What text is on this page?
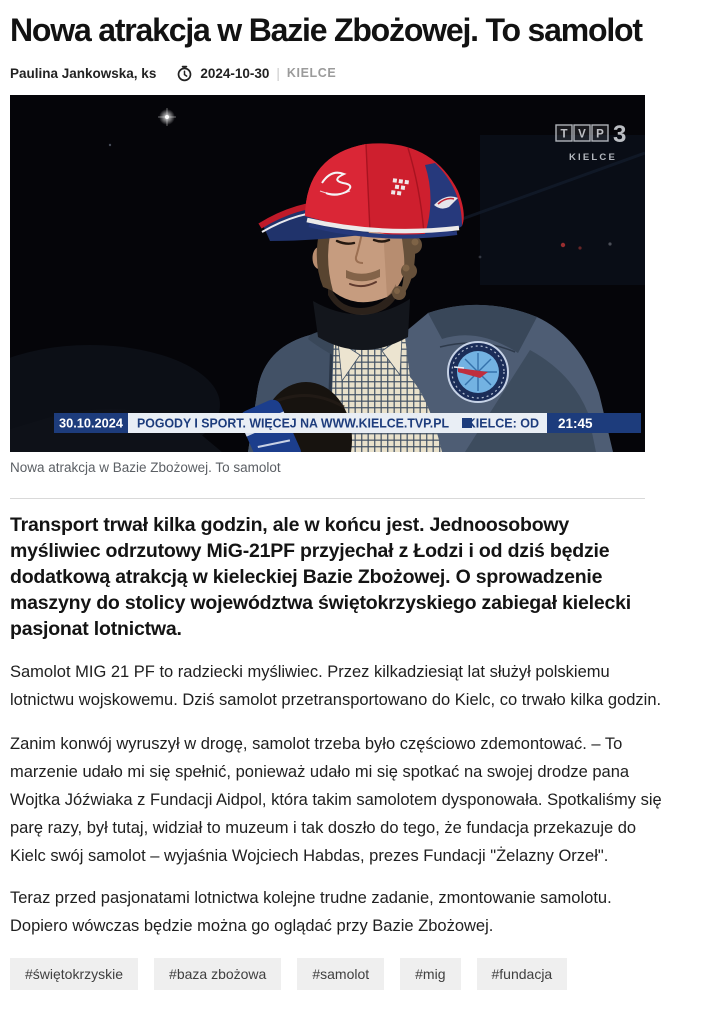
Nowa atrakcja w Bazie Zbożowej. To samolot
Paulina Jankowska, ks	2024-10-30 | KIELCE
T V P 3
KIELCE
30.10.2024 POGODY I SPORT. WIĘCEJ NA WWW.KIELCE.TVP.PL KIELCE: OD 21:45
Nowa atrakcja w Bazie Zbożowej. To samolot

Transport trwał kilka godzin, ale w końcu jest. Jednoosobowy myśliwiec odrzutowy MiG-21PF przyjechał z Łodzi i od dziś będzie dodatkową atrakcją w kieleckiej Bazie Zbożowej. O sprowadzenie maszyny do stolicy województwa świętokrzyskiego zabiegał kielecki pasjonat lotnictwa.

Samolot MIG 21 PF to radziecki myśliwiec. Przez kilkadziesiąt lat służył polskiemu lotnictwu wojskowemu. Dziś samolot przetransportowano do Kielc, co trwało kilka godzin.

Zanim konwój wyruszył w drogę, samolot trzeba było częściowo zdemontować. – To marzenie udało mi się spełnić, ponieważ udało mi się spotkać na swojej drodze pana Wojtka Jóźwiaka z Fundacji Aidpol, która takim samolotem dysponowała. Spotkaliśmy się parę razy, był tutaj, widział to muzeum i tak doszło do tego, że fundacja przekazuje do Kielc swój samolot – wyjaśnia Wojciech Habdas, prezes Fundacji "Żelazny Orzeł".

Teraz przed pasjonatami lotnictwa kolejne trudne zadanie, zmontowanie samolotu. Dopiero wówczas będzie można go oglądać przy Bazie Zbożowej.

#świętokrzyskie	#baza zbożowa	#samolot	#mig	#fundacja
